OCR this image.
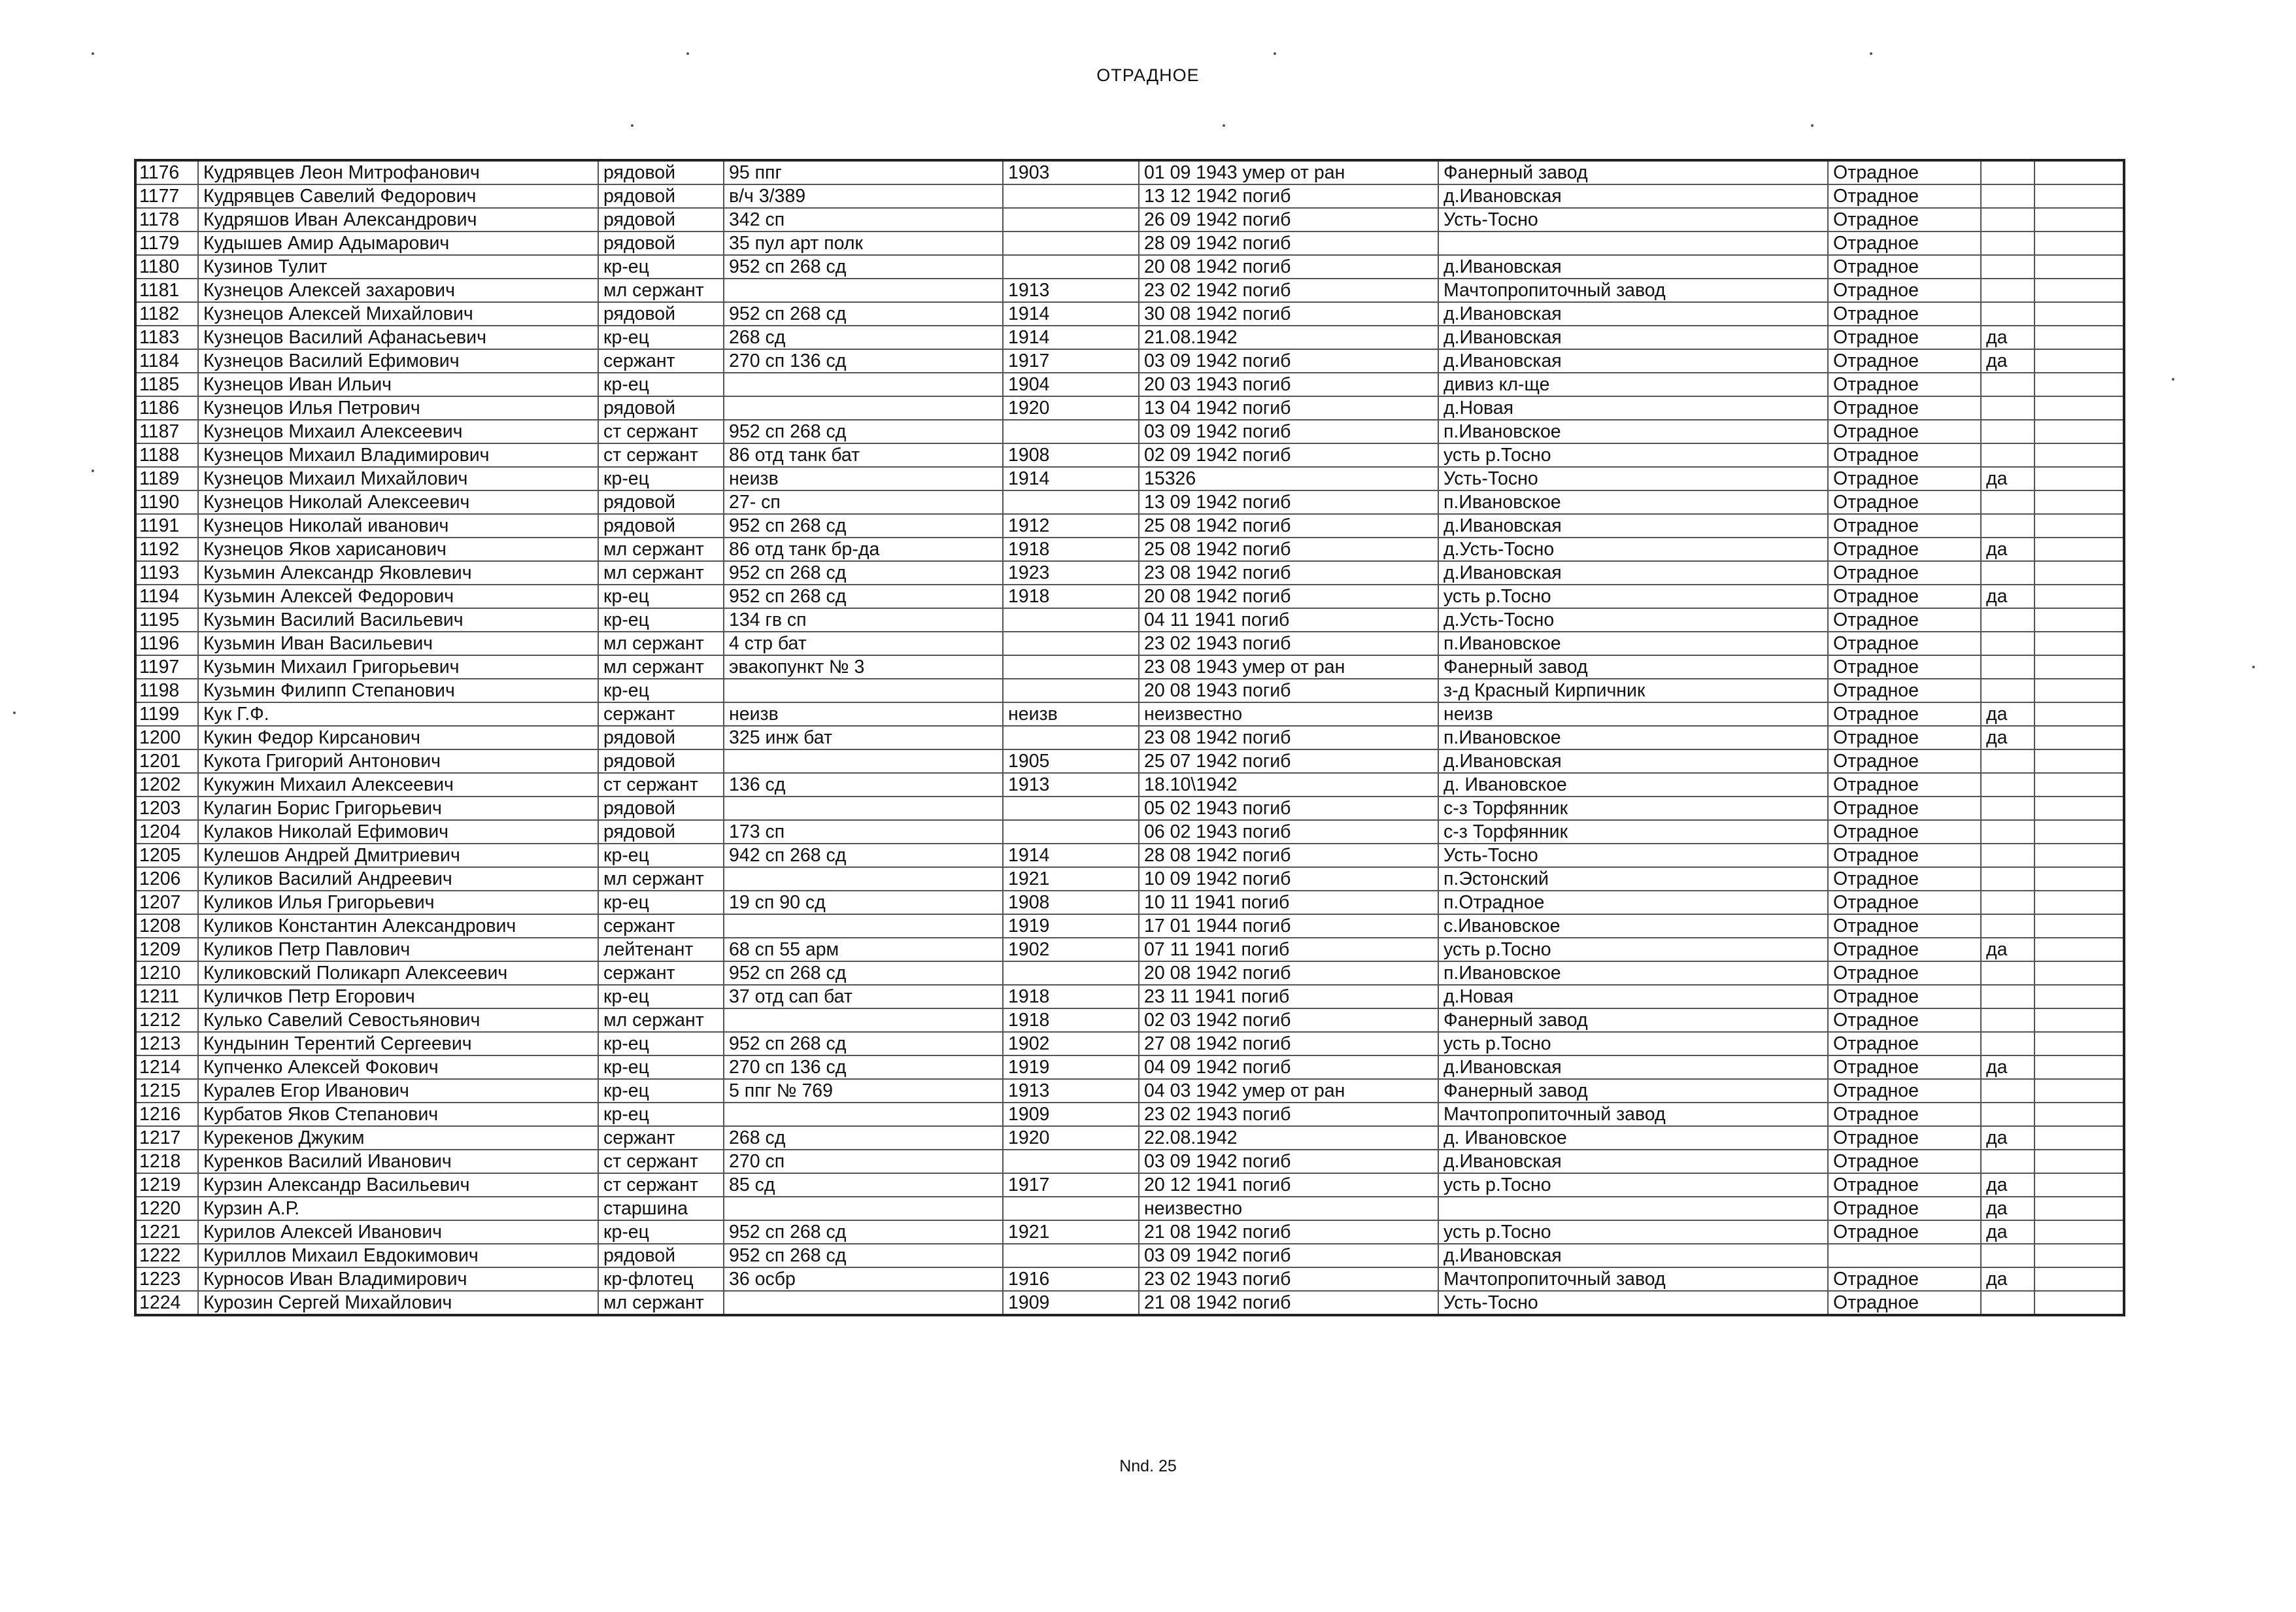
ОТРАДНОЕ
1176	Кудрявцев Леон Митрофанович	рядовой	95 ппг	1903	01 09 1943 умер от ран	Фанерный завод	Отрадное		
1177	Кудрявцев Савелий Федорович	рядовой	в/ч 3/389		13 12 1942 погиб	д.Ивановская	Отрадное		
1178	Кудряшов Иван Александрович	рядовой	342 сп		26 09 1942 погиб	Усть-Тосно	Отрадное		
1179	Кудышев Амир Адымарович	рядовой	35 пул арт полк		28 09 1942 погиб		Отрадное		
1180	Кузинов Тулит	кр-ец	952 сп 268 сд		20 08 1942 погиб	д.Ивановская	Отрадное		
1181	Кузнецов Алексей захарович	мл сержант		1913	23 02 1942 погиб	Мачтопропиточный завод	Отрадное		
1182	Кузнецов Алексей Михайлович	рядовой	952 сп 268 сд	1914	30 08 1942 погиб	д.Ивановская	Отрадное		
1183	Кузнецов Василий Афанасьевич	кр-ец	268 сд	1914	21.08.1942	д.Ивановская	Отрадное	да	
1184	Кузнецов Василий Ефимович	сержант	270 сп 136 сд	1917	03 09 1942 погиб	д.Ивановская	Отрадное	да	
1185	Кузнецов Иван Ильич	кр-ец		1904	20 03 1943 погиб	дивиз кл-ще	Отрадное		
1186	Кузнецов Илья Петрович	рядовой		1920	13 04 1942 погиб	д.Новая	Отрадное		
1187	Кузнецов Михаил Алексеевич	ст сержант	952 сп 268 сд		03 09 1942 погиб	п.Ивановское	Отрадное		
1188	Кузнецов Михаил Владимирович	ст сержант	86 отд танк бат	1908	02 09 1942 погиб	усть р.Тосно	Отрадное		
1189	Кузнецов Михаил Михайлович	кр-ец	неизв	1914	15326	Усть-Тосно	Отрадное	да	
1190	Кузнецов Николай Алексеевич	рядовой	27- сп		13 09 1942 погиб	п.Ивановское	Отрадное		
1191	Кузнецов Николай иванович	рядовой	952 сп 268 сд	1912	25 08 1942 погиб	д.Ивановская	Отрадное		
1192	Кузнецов Яков харисанович	мл сержант	86 отд танк бр-да	1918	25 08 1942 погиб	д.Усть-Тосно	Отрадное	да	
1193	Кузьмин Александр Яковлевич	мл сержант	952 сп 268 сд	1923	23 08 1942 погиб	д.Ивановская	Отрадное		
1194	Кузьмин Алексей Федорович	кр-ец	952 сп 268 сд	1918	20 08 1942 погиб	усть р.Тосно	Отрадное	да	
1195	Кузьмин Василий Васильевич	кр-ец	134 гв сп		04 11 1941 погиб	д.Усть-Тосно	Отрадное		
1196	Кузьмин Иван Васильевич	мл сержант	4 стр бат		23 02 1943 погиб	п.Ивановское	Отрадное		
1197	Кузьмин Михаил Григорьевич	мл сержант	эвакопункт № 3		23 08 1943 умер от ран	Фанерный завод	Отрадное		
1198	Кузьмин Филипп Степанович	кр-ец			20 08 1943 погиб	з-д Красный Кирпичник	Отрадное		
1199	Кук Г.Ф.	сержант	неизв	неизв	неизвестно	неизв	Отрадное	да	
1200	Кукин Федор Кирсанович	рядовой	325 инж бат		23 08 1942 погиб	п.Ивановское	Отрадное	да	
1201	Кукота Григорий Антонович	рядовой		1905	25 07 1942 погиб	д.Ивановская	Отрадное		
1202	Кукужин Михаил Алексеевич	ст сержант	136 сд	1913	18.10\1942	д. Ивановское	Отрадное		
1203	Кулагин Борис Григорьевич	рядовой			05 02 1943 погиб	с-з Торфянник	Отрадное		
1204	Кулаков Николай Ефимович	рядовой	173 сп		06 02 1943 погиб	с-з Торфянник	Отрадное		
1205	Кулешов Андрей Дмитриевич	кр-ец	942 сп 268 сд	1914	28 08 1942 погиб	Усть-Тосно	Отрадное		
1206	Куликов Василий Андреевич	мл сержант		1921	10 09 1942 погиб	п.Эстонский	Отрадное		
1207	Куликов Илья Григорьевич	кр-ец	19 сп 90 сд	1908	10 11 1941 погиб	п.Отрадное	Отрадное		
1208	Куликов Константин Александрович	сержант		1919	17 01 1944 погиб	с.Ивановское	Отрадное		
1209	Куликов Петр Павлович	лейтенант	68 сп 55 арм	1902	07 11 1941 погиб	усть р.Тосно	Отрадное	да	
1210	Куликовский Поликарп Алексеевич	сержант	952 сп 268 сд		20 08 1942 погиб	п.Ивановское	Отрадное		
1211	Куличков Петр Егорович	кр-ец	37 отд сап бат	1918	23 11 1941 погиб	д.Новая	Отрадное		
1212	Кулько Савелий Севостьянович	мл сержант		1918	02 03 1942 погиб	Фанерный завод	Отрадное		
1213	Кундынин Терентий Сергеевич	кр-ец	952 сп 268 сд	1902	27 08 1942 погиб	усть р.Тосно	Отрадное		
1214	Купченко Алексей Фокович	кр-ец	270 сп 136 сд	1919	04 09 1942 погиб	д.Ивановская	Отрадное	да	
1215	Куралев Егор Иванович	кр-ец	5 ппг № 769	1913	04 03 1942 умер от ран	Фанерный завод	Отрадное		
1216	Курбатов Яков Степанович	кр-ец		1909	23 02 1943 погиб	Мачтопропиточный завод	Отрадное		
1217	Курекенов Джуким	сержант	268 сд	1920	22.08.1942	д. Ивановское	Отрадное	да	
1218	Куренков Василий Иванович	ст сержант	270 сп		03 09 1942 погиб	д.Ивановская	Отрадное		
1219	Курзин Александр Васильевич	ст сержант	85 сд	1917	20 12 1941 погиб	усть р.Тосно	Отрадное	да	
1220	Курзин А.Р.	старшина			неизвестно		Отрадное	да	
1221	Курилов Алексей Иванович	кр-ец	952 сп 268 сд	1921	21 08 1942 погиб	усть р.Тосно	Отрадное	да	
1222	Куриллов Михаил Евдокимович	рядовой	952 сп 268 сд		03 09 1942 погиб	д.Ивановская			
1223	Курносов Иван Владимирович	кр-флотец	36 осбр	1916	23 02 1943 погиб	Мачтопропиточный завод	Отрадное	да	
1224	Курозин Сергей Михайлович	мл сержант		1909	21 08 1942 погиб	Усть-Тосно	Отрадное		
Nnd. 25
